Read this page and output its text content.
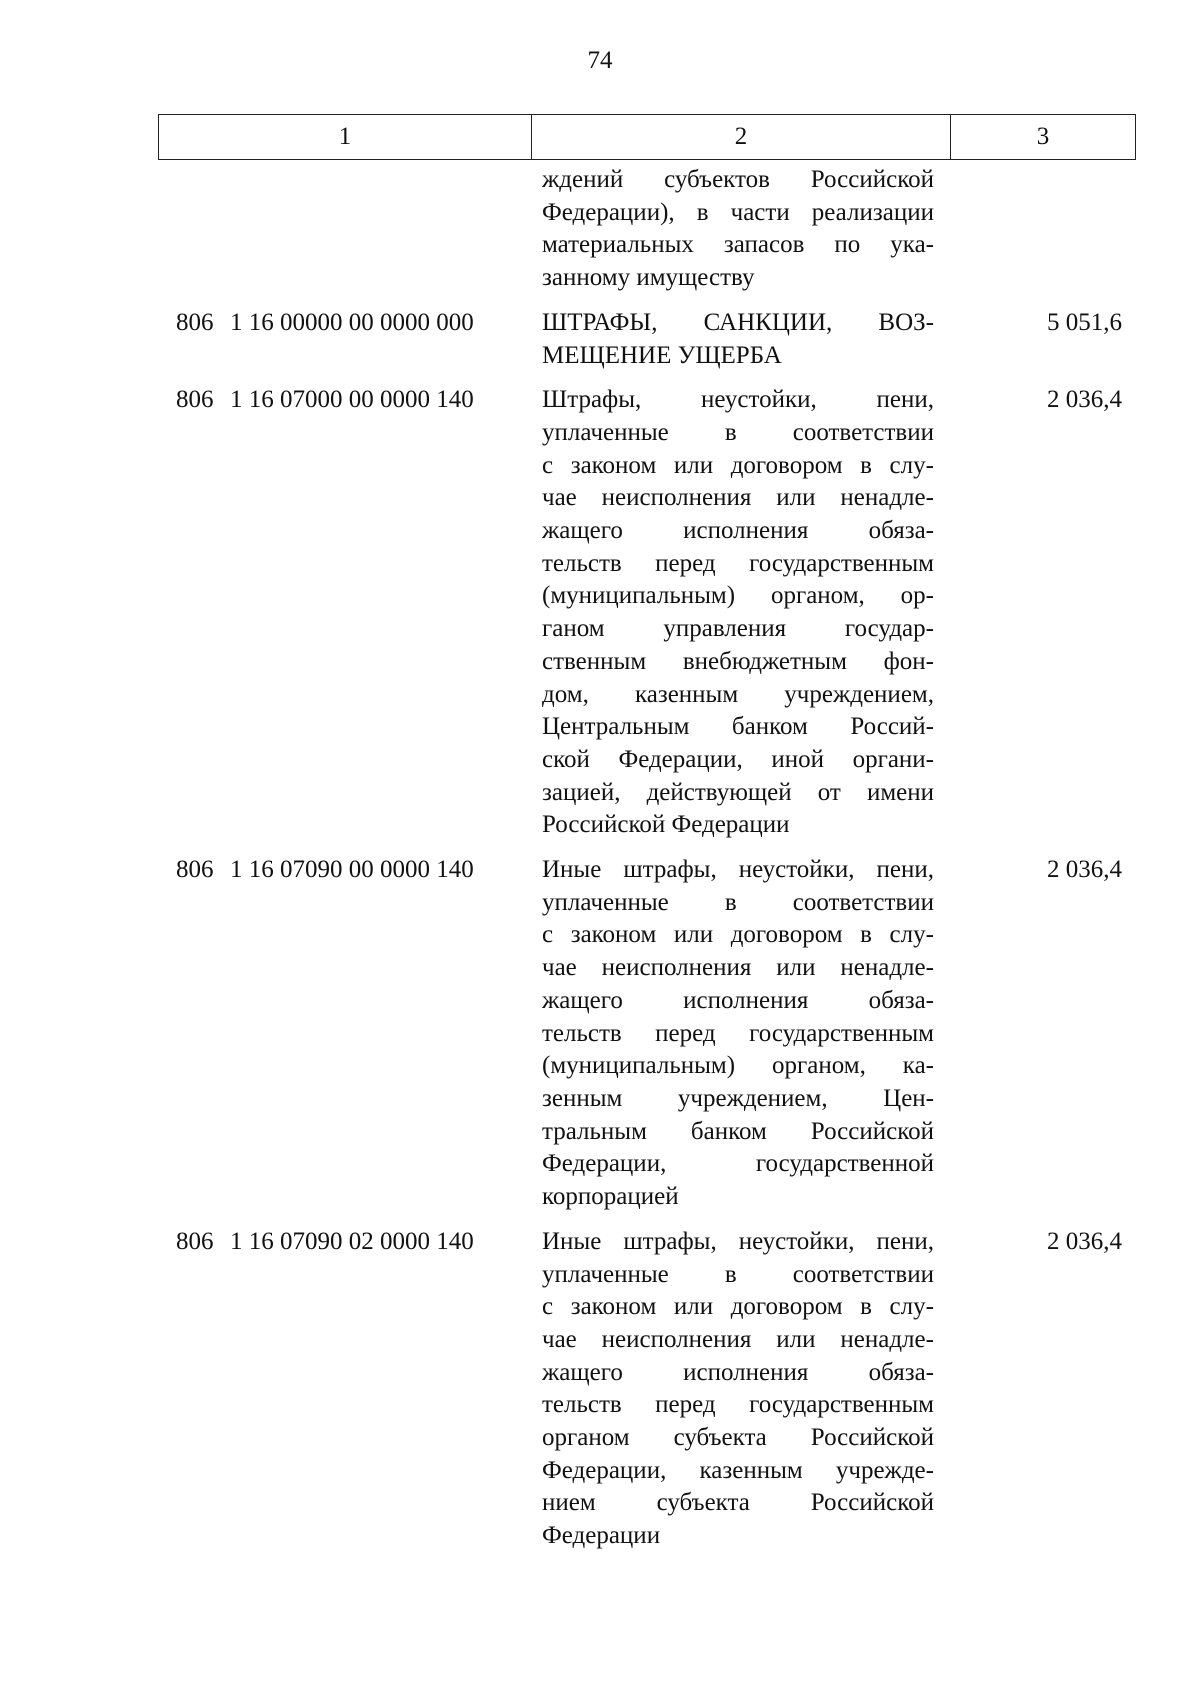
74
1	2	3
ждений субъектов Российской
Федерации), в части реализации
материальных запасов по ука-
занному имуществу
806 1 16 00000 00 0000 000	ШТРАФЫ, САНКЦИИ, ВОЗ-
МЕЩЕНИЕ УЩЕРБА
5 051,6
806 1 16 07000 00 0000 140	Штрафы, неустойки, пени,
уплаченные в соответствии
с законом или договором в слу-
чае неисполнения или ненадле-
жащего исполнения обяза-
тельств перед государственным
(муниципальным) органом, ор-
ганом управления государ-
ственным внебюджетным фон-
дом, казенным учреждением,
Центральным банком Россий-
ской Федерации, иной органи-
зацией, действующей от имени
Российской Федерации
2 036,4
806 1 16 07090 00 0000 140	Иные штрафы, неустойки, пени,
уплаченные в соответствии
с законом или договором в слу-
чае неисполнения или ненадле-
жащего исполнения обяза-
тельств перед государственным
(муниципальным) органом, ка-
зенным учреждением, Цен-
тральным банком Российской
Федерации,	государственной
корпорацией
2 036,4
806 1 16 07090 02 0000 140	Иные штрафы, неустойки, пени,
уплаченные в соответствии
с законом или договором в слу-
чае неисполнения или ненадле-
жащего исполнения обяза-
тельств перед государственным
органом субъекта Российской
Федерации, казенным учрежде-
нием субъекта Российской
Федерации
2 036,4
